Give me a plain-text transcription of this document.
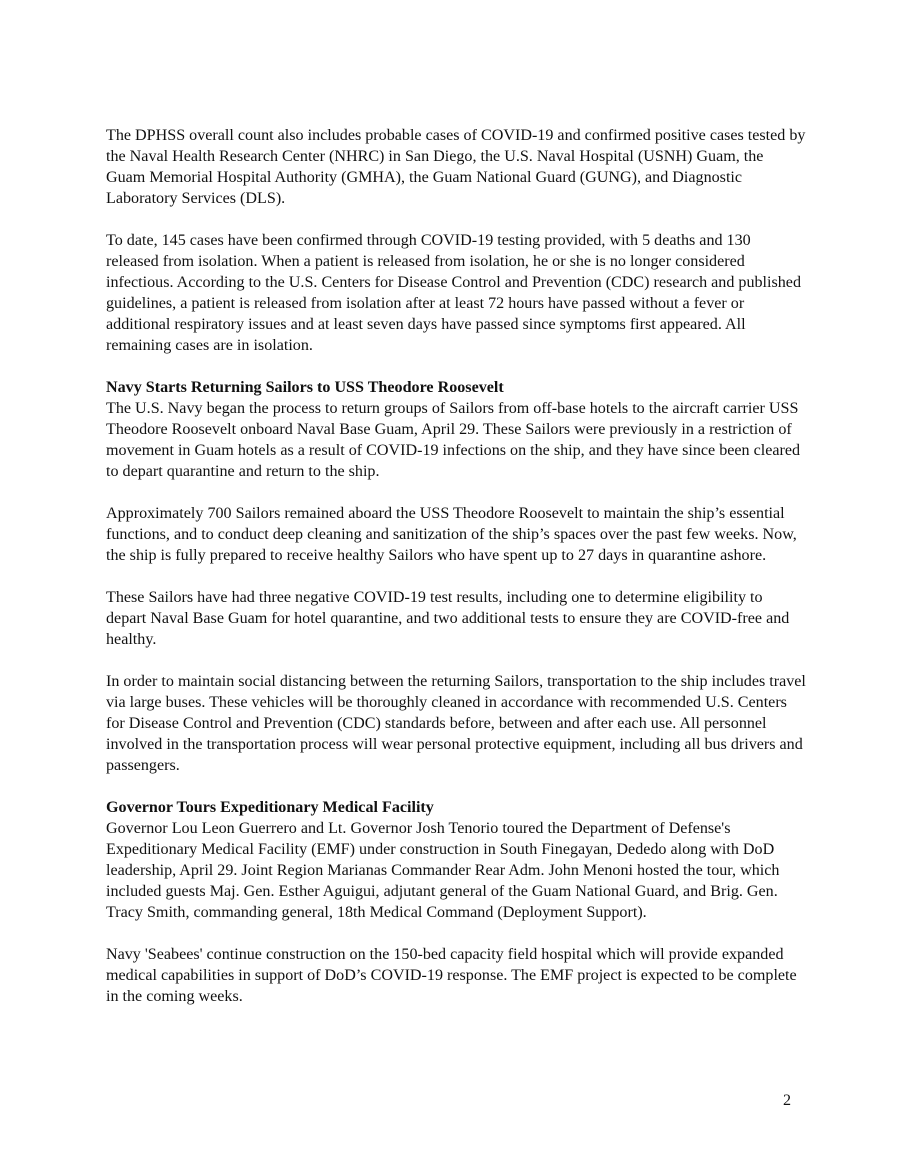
The DPHSS overall count also includes probable cases of COVID-19 and confirmed positive cases tested by the Naval Health Research Center (NHRC) in San Diego, the U.S. Naval Hospital (USNH) Guam, the Guam Memorial Hospital Authority (GMHA), the Guam National Guard (GUNG), and Diagnostic Laboratory Services (DLS).

To date, 145 cases have been confirmed through COVID-19 testing provided, with 5 deaths and 130 released from isolation. When a patient is released from isolation, he or she is no longer considered infectious. According to the U.S. Centers for Disease Control and Prevention (CDC) research and published guidelines, a patient is released from isolation after at least 72 hours have passed without a fever or additional respiratory issues and at least seven days have passed since symptoms first appeared. All remaining cases are in isolation.

Navy Starts Returning Sailors to USS Theodore Roosevelt

The U.S. Navy began the process to return groups of Sailors from off-base hotels to the aircraft carrier USS Theodore Roosevelt onboard Naval Base Guam, April 29. These Sailors were previously in a restriction of movement in Guam hotels as a result of COVID-19 infections on the ship, and they have since been cleared to depart quarantine and return to the ship.

Approximately 700 Sailors remained aboard the USS Theodore Roosevelt to maintain the ship’s essential functions, and to conduct deep cleaning and sanitization of the ship’s spaces over the past few weeks. Now, the ship is fully prepared to receive healthy Sailors who have spent up to 27 days in quarantine ashore.

These Sailors have had three negative COVID-19 test results, including one to determine eligibility to depart Naval Base Guam for hotel quarantine, and two additional tests to ensure they are COVID-free and healthy.

In order to maintain social distancing between the returning Sailors, transportation to the ship includes travel via large buses. These vehicles will be thoroughly cleaned in accordance with recommended U.S. Centers for Disease Control and Prevention (CDC) standards before, between and after each use. All personnel involved in the transportation process will wear personal protective equipment, including all bus drivers and passengers.

Governor Tours Expeditionary Medical Facility

Governor Lou Leon Guerrero and Lt. Governor Josh Tenorio toured the Department of Defense's Expeditionary Medical Facility (EMF) under construction in South Finegayan, Dededo along with DoD leadership, April 29. Joint Region Marianas Commander Rear Adm. John Menoni hosted the tour, which included guests Maj. Gen. Esther Aguigui, adjutant general of the Guam National Guard, and Brig. Gen. Tracy Smith, commanding general, 18th Medical Command (Deployment Support).

Navy 'Seabees' continue construction on the 150-bed capacity field hospital which will provide expanded medical capabilities in support of DoD’s COVID-19 response. The EMF project is expected to be complete in the coming weeks.

2
